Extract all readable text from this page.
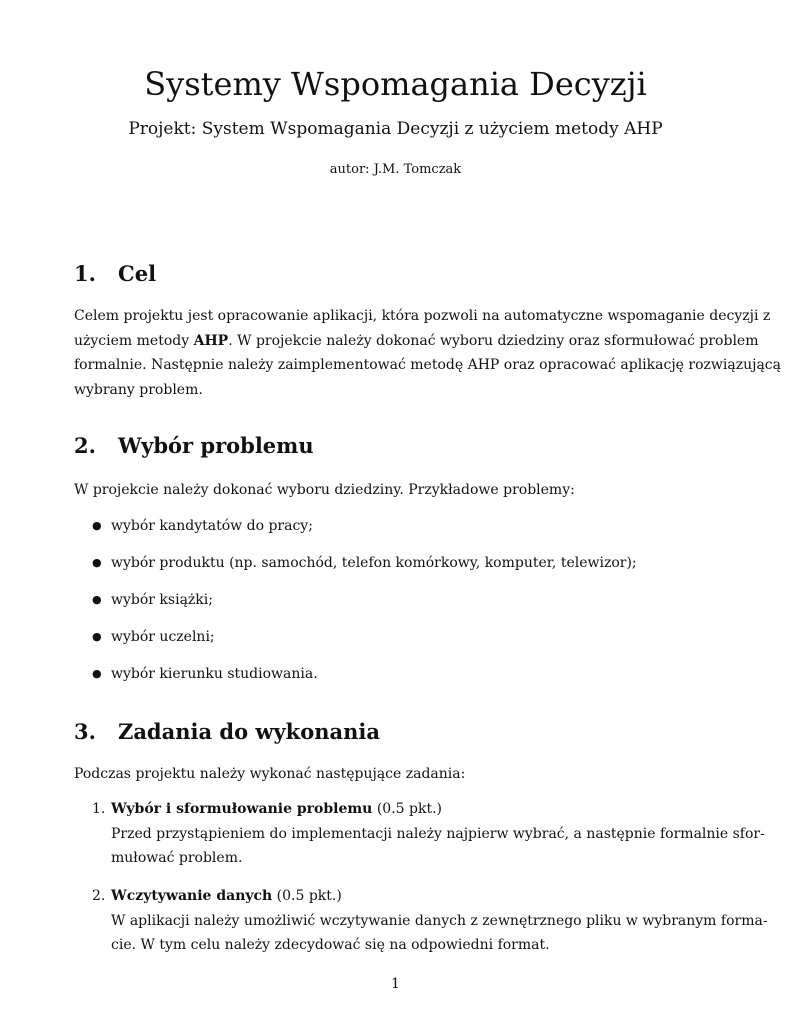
Systemy Wspomagania Decyzji

Projekt: System Wspomagania Decyzji z użyciem metody AHP

autor: J.M. Tomczak

1. Cel
Celem projektu jest opracowanie aplikacji, która pozwoli na automatyczne wspomaganie decyzji z
użyciem metody AHP. W projekcie należy dokonać wyboru dziedziny oraz sformułować problem
formalnie. Następnie należy zaimplementować metodę AHP oraz opracować aplikację rozwiązującą
wybrany problem.
2. Wybór problemu
W projekcie należy dokonać wyboru dziedziny. Przykładowe problemy:
● wybór kandytatów do pracy;
● wybór produktu (np. samochód, telefon komórkowy, komputer, telewizor);
● wybór książki;
● wybór uczelni;
● wybór kierunku studiowania.
3. Zadania do wykonania
Podczas projektu należy wykonać następujące zadania:
1. Wybór i sformułowanie problemu (0.5 pkt.)
Przed przystąpieniem do implementacji należy najpierw wybrać, a następnie formalnie sfor-
mułować problem.
2. Wczytywanie danych (0.5 pkt.)
W aplikacji należy umożliwić wczytywanie danych z zewnętrznego pliku w wybranym forma-
cie. W tym celu należy zdecydować się na odpowiedni format.
1
